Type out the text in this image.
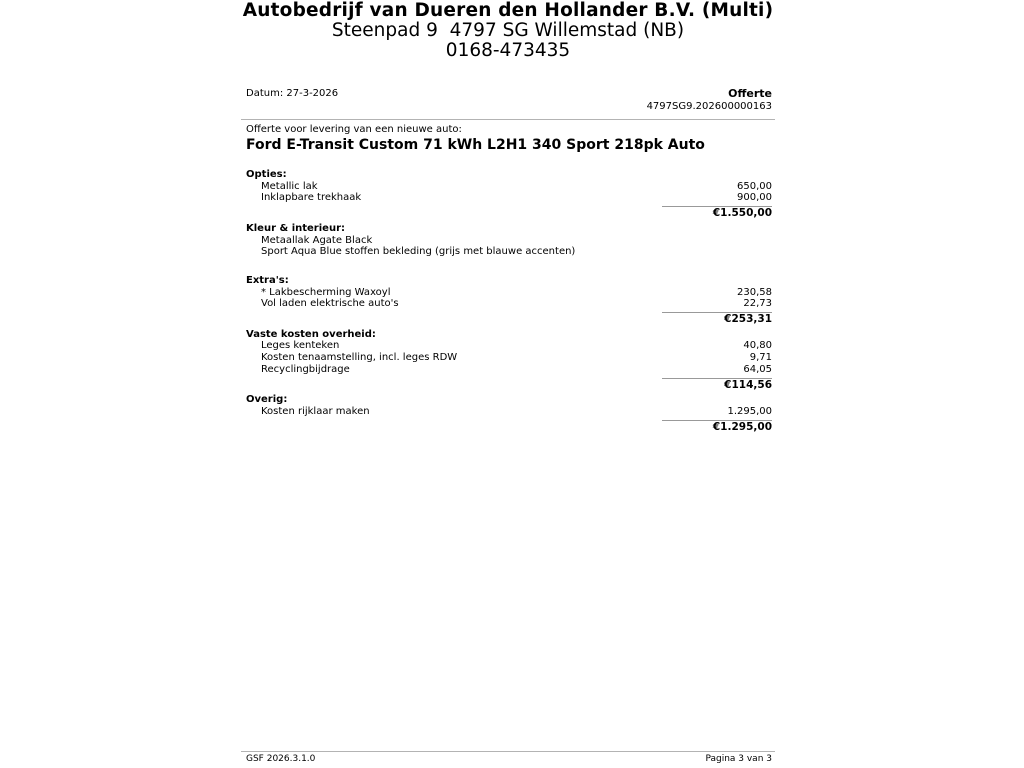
Autobedrijf van Dueren den Hollander B.V. (Multi)
Steenpad 9  4797 SG Willemstad (NB)
0168-473435
Datum: 27-3-2026	Offerte
4797SG9.202600000163
Offerte voor levering van een nieuwe auto:
Ford E-Transit Custom 71 kWh L2H1 340 Sport 218pk Auto
Opties:
Metallic lak	650,00
Inklapbare trekhaak	900,00
€1.550,00
Kleur & interieur:
Metaallak Agate Black
Sport Aqua Blue stoffen bekleding (grijs met blauwe accenten)
Extra's:
* Lakbescherming Waxoyl	230,58
Vol laden elektrische auto's	22,73
€253,31
Vaste kosten overheid:
Leges kenteken	40,80
Kosten tenaamstelling, incl. leges RDW	9,71
Recyclingbijdrage	64,05
€114,56
Overig:
Kosten rijklaar maken	1.295,00
€1.295,00
GSF 2026.3.1.0	Pagina 3 van 3
